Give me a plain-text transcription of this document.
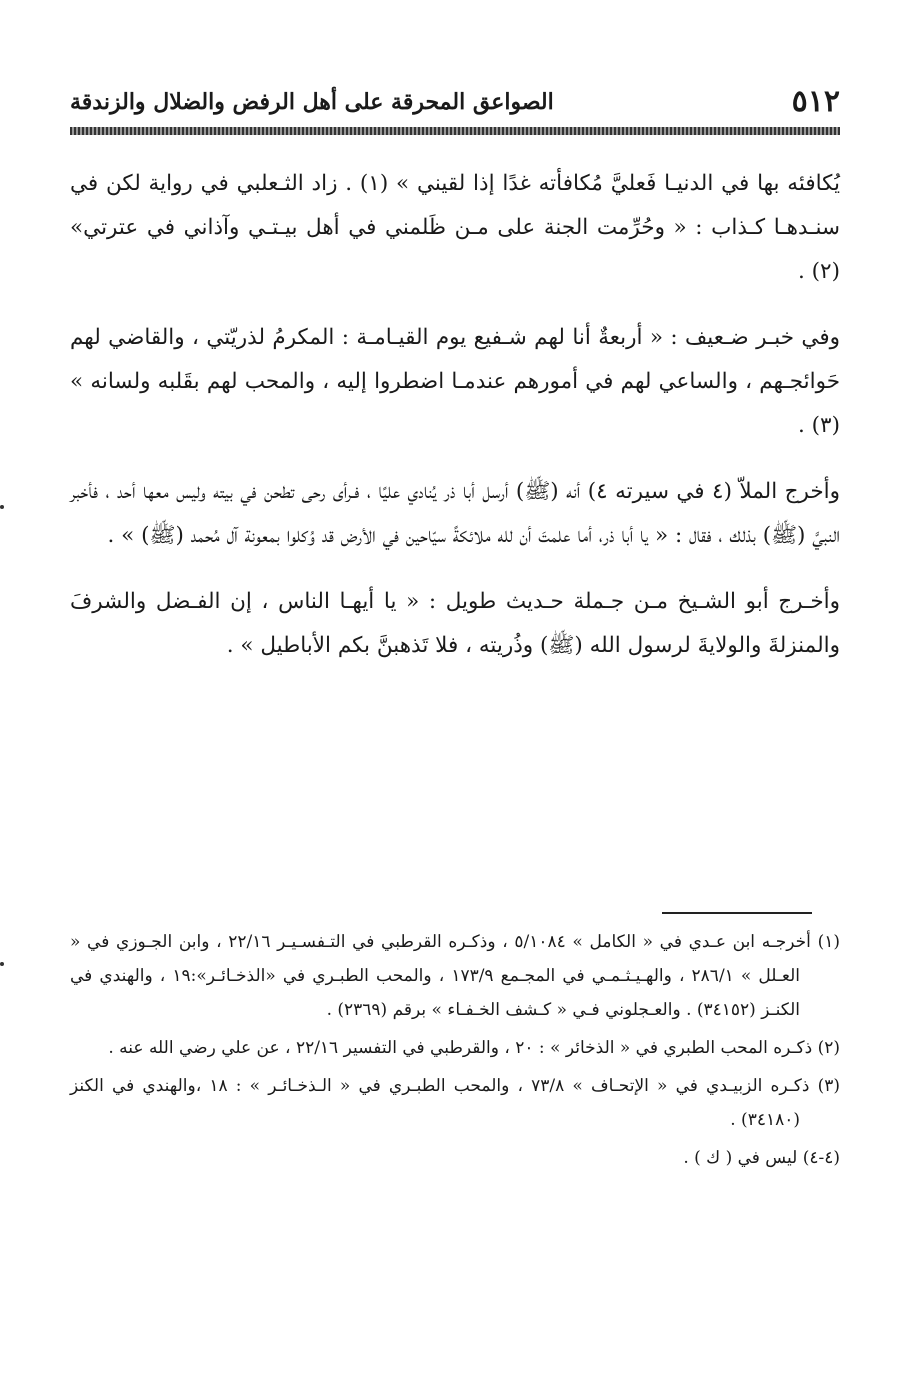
٥١٢
الصواعق المحرقة على أهل الرفض والضلال والزندقة

يُكافئه بها في الدنيـا فَعليَّ مُكافأته غدًا إذا لقيني » (١) . زاد الثـعلبي في رواية لكن في سنـدهـا كـذاب : « وحُرِّمت الجنة على مـن ظَلمني في أهل بيـتـي وآذاني في عترتي» (٢) .

وفي خبـر ضـعيف : « أربعةٌ أنا لهم شـفيع يوم القيـامـة : المكرمُ لذريّتي ، والقاضي لهم حَوائجـهم ، والساعي لهم في أمورهم عندمـا اضطروا إليه ، والمحب لهم بقَلبه ولسانه » (٣) .

وأخرج الملاّ (٤ في سيرته ٤) أنه (ﷺ) أرسل أبا ذر يُنادي عليًا ، فـرأى رحى تطحن في بيته وليس معها أحد ، فأخبر النبيَّ (ﷺ) بذلك ، فقال : « يا أبا ذر، أما علمتَ أن لله ملائكةً سيّاحين في الأرض قد وُكلوا بمعونة آل مُحمد (ﷺ) » .

وأخـرج أبو الشـيخ مـن جـملة حـديث طويل : « يا أيهـا الناس ، إن الفـضل والشرفَ والمنزلةَ والولايةَ لرسول الله (ﷺ) وذُريته ، فلا تَذهبنَّ بكم الأباطيل » .

(١) أخرجـه ابن عـدي في « الكامل » ٥/١٠٨٤ ، وذكـره القرطبي في التـفسـيـر ٢٢/١٦ ، وابن الجـوزي في « العـلل » ٢٨٦/١ ، والهـيـثـمـي في المجـمع ١٧٣/٩ ، والمحب الطبـري في «الذخـائـر»:١٩ ، والهندي في الكنـز (٣٤١٥٢) . والعـجلوني فـي « كـشف الخـفـاء » برقم (٢٣٦٩) .

(٢) ذكـره المحب الطبري في « الذخائر » : ٢٠ ، والقرطبي في التفسير ٢٢/١٦ ، عن علي رضي الله عنه .

(٣) ذكـره الزبيـدي في « الإتحـاف » ٧٣/٨ ، والمحب الطبـري في « الـذخـائـر » : ١٨ ،والهندي في الكنز (٣٤١٨٠) .

(٤-٤) ليس في ( ك ) .
